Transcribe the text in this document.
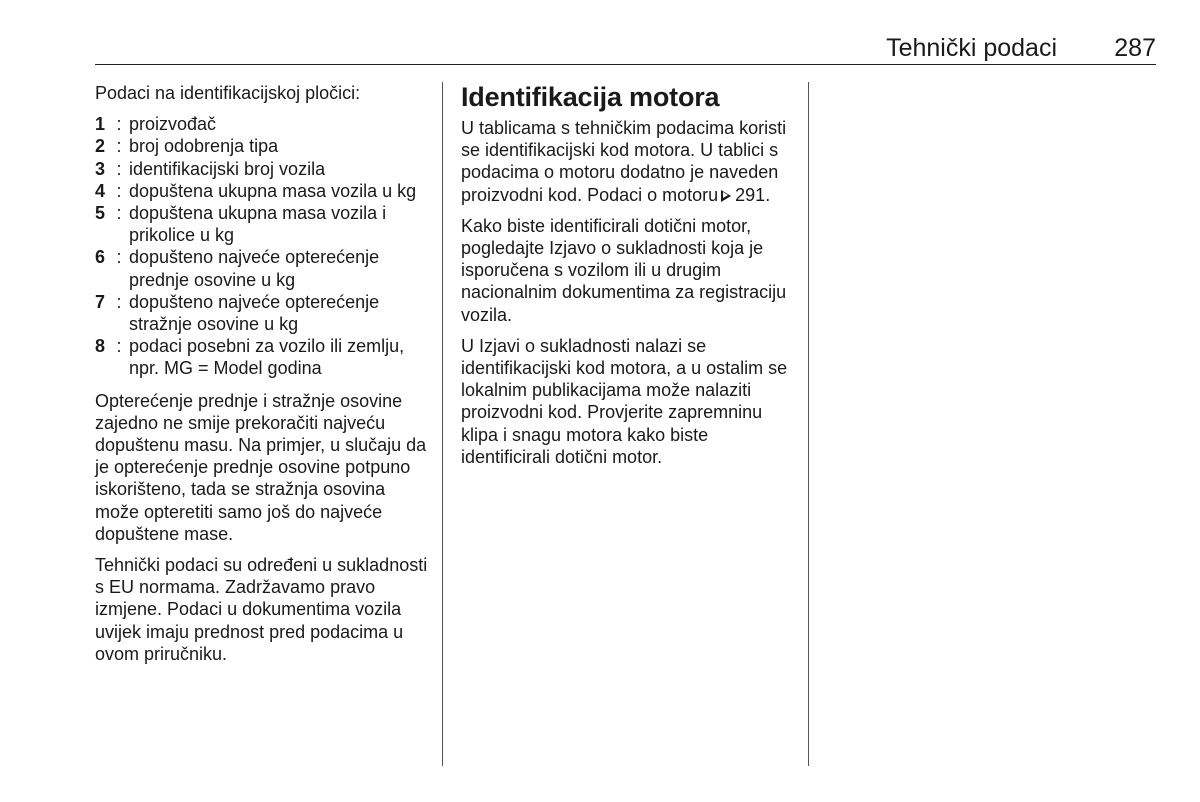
Tehnički podaci 287

Podaci na identifikacijskoj pločici:

1 : proizvođač
2 : broj odobrenja tipa
3 : identifikacijski broj vozila
4 : dopuštena ukupna masa vozila u kg
5 : dopuštena ukupna masa vozila i prikolice u kg
6 : dopušteno najveće opterećenje prednje osovine u kg
7 : dopušteno najveće opterećenje stražnje osovine u kg
8 : podaci posebni za vozilo ili zemlju, npr. MG = Model godina

Opterećenje prednje i stražnje osovine zajedno ne smije prekoračiti najveću dopuštenu masu. Na primjer, u slučaju da je opterećenje prednje osovine potpuno iskorišteno, tada se stražnja osovina može opteretiti samo još do najveće dopuštene mase.

Tehnički podaci su određeni u sukladnosti s EU normama. Zadržavamo pravo izmjene. Podaci u dokumentima vozila uvijek imaju prednost pred podacima u ovom priručniku.

Identifikacija motora

U tablicama s tehničkim podacima koristi se identifikacijski kod motora. U tablici s podacima o motoru dodatno je naveden proizvodni kod. Podaci o motoru 291.

Kako biste identificirali dotični motor, pogledajte Izjavo o sukladnosti koja je isporučena s vozilom ili u drugim nacionalnim dokumentima za registraciju vozila.

U Izjavi o sukladnosti nalazi se identifikacijski kod motora, a u ostalim se lokalnim publikacijama može nalaziti proizvodni kod. Provjerite zapremninu klipa i snagu motora kako biste identificirali dotični motor.
